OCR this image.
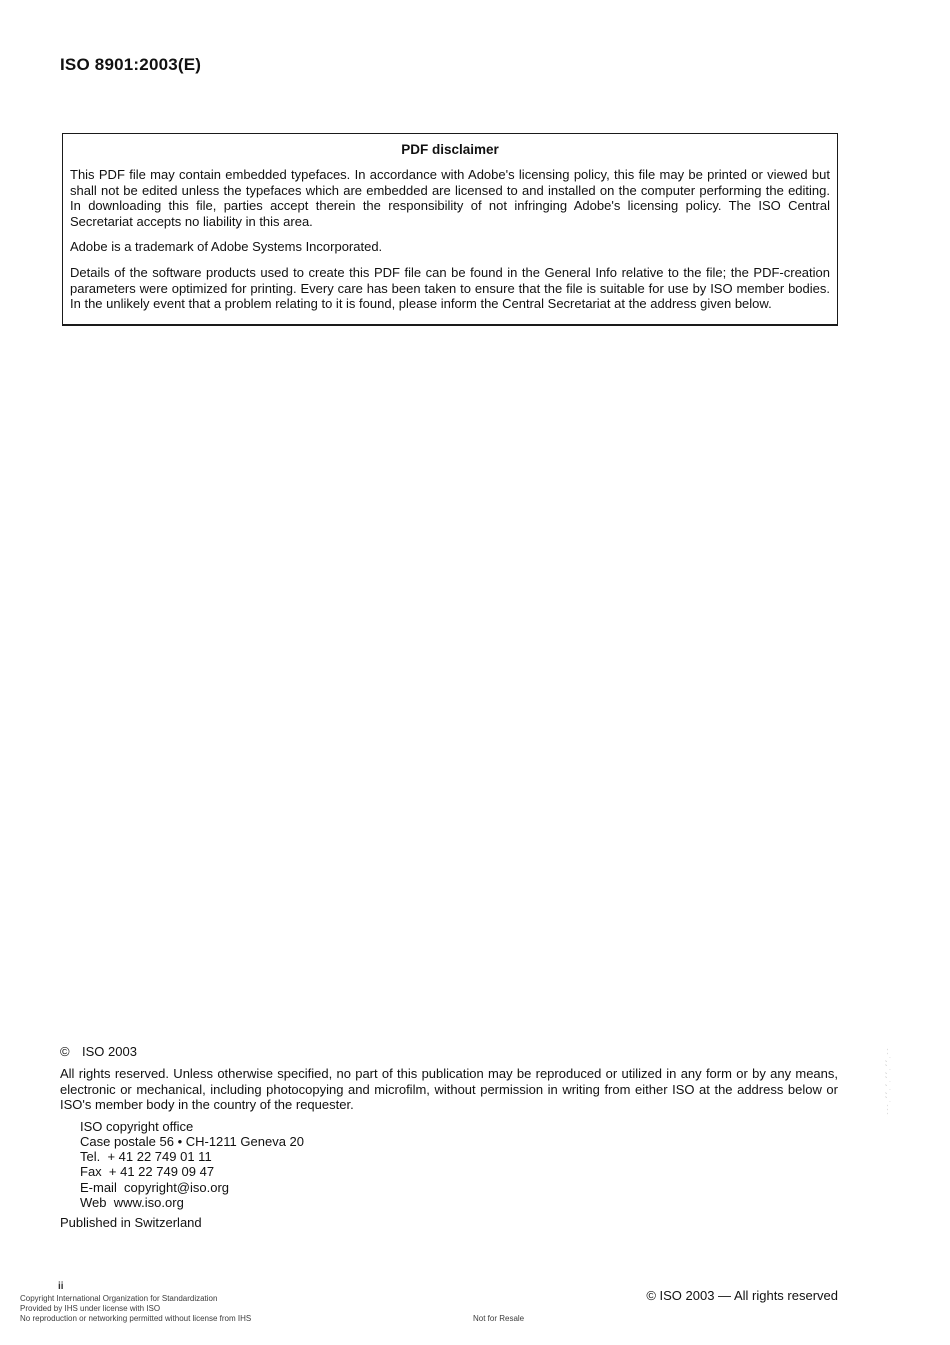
ISO 8901:2003(E)
PDF disclaimer
This PDF file may contain embedded typefaces. In accordance with Adobe's licensing policy, this file may be printed or viewed but shall not be edited unless the typefaces which are embedded are licensed to and installed on the computer performing the editing. In downloading this file, parties accept therein the responsibility of not infringing Adobe's licensing policy. The ISO Central Secretariat accepts no liability in this area.
Adobe is a trademark of Adobe Systems Incorporated.
Details of the software products used to create this PDF file can be found in the General Info relative to the file; the PDF-creation parameters were optimized for printing. Every care has been taken to ensure that the file is suitable for use by ISO member bodies. In the unlikely event that a problem relating to it is found, please inform the Central Secretariat at the address given below.
© ISO 2003
All rights reserved. Unless otherwise specified, no part of this publication may be reproduced or utilized in any form or by any means, electronic or mechanical, including photocopying and microfilm, without permission in writing from either ISO at the address below or ISO's member body in the country of the requester.
ISO copyright office
Case postale 56 • CH-1211 Geneva 20
Tel.  + 41 22 749 01 11
Fax  + 41 22 749 09 47
E-mail  copyright@iso.org
Web  www.iso.org
Published in Switzerland
--`,,`,,`,`,,`---
ii
Copyright International Organization for Standardization
Provided by IHS under license with ISO
No reproduction or networking permitted without license from IHS	Not for Resale
© ISO 2003 — All rights reserved
